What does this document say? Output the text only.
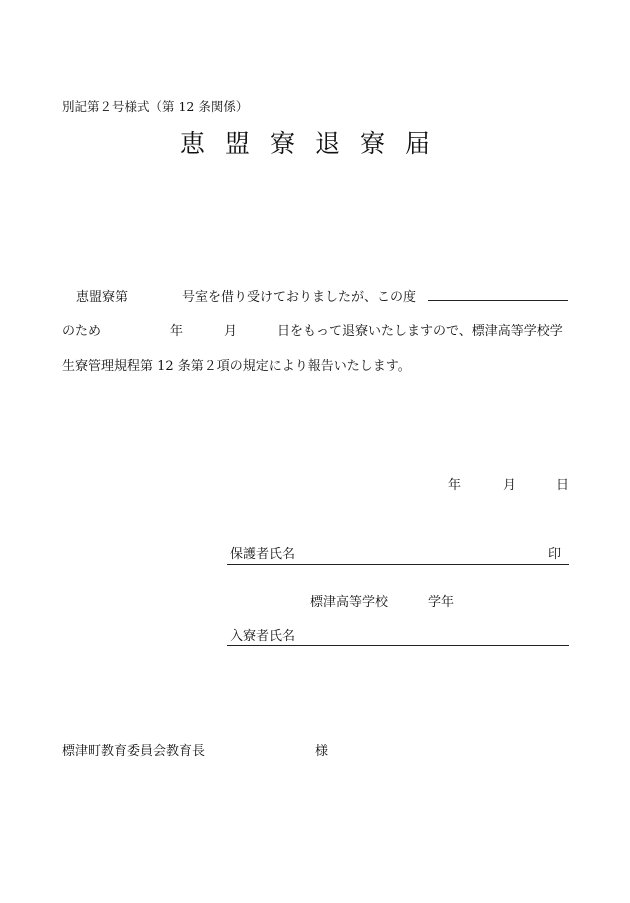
別記第２号様式（第 12 条関係）
恵盟寮退寮届
恵盟寮第	号室を借り受けておりましたが、この度
のため	年	月	日をもって退寮いたしますので、標津高等学校学
生寮管理規程第 12 条第２項の規定により報告いたします。
年	月	日
保護者氏名	印
標津高等学校	学年
入寮者氏名
標津町教育委員会教育長	様
